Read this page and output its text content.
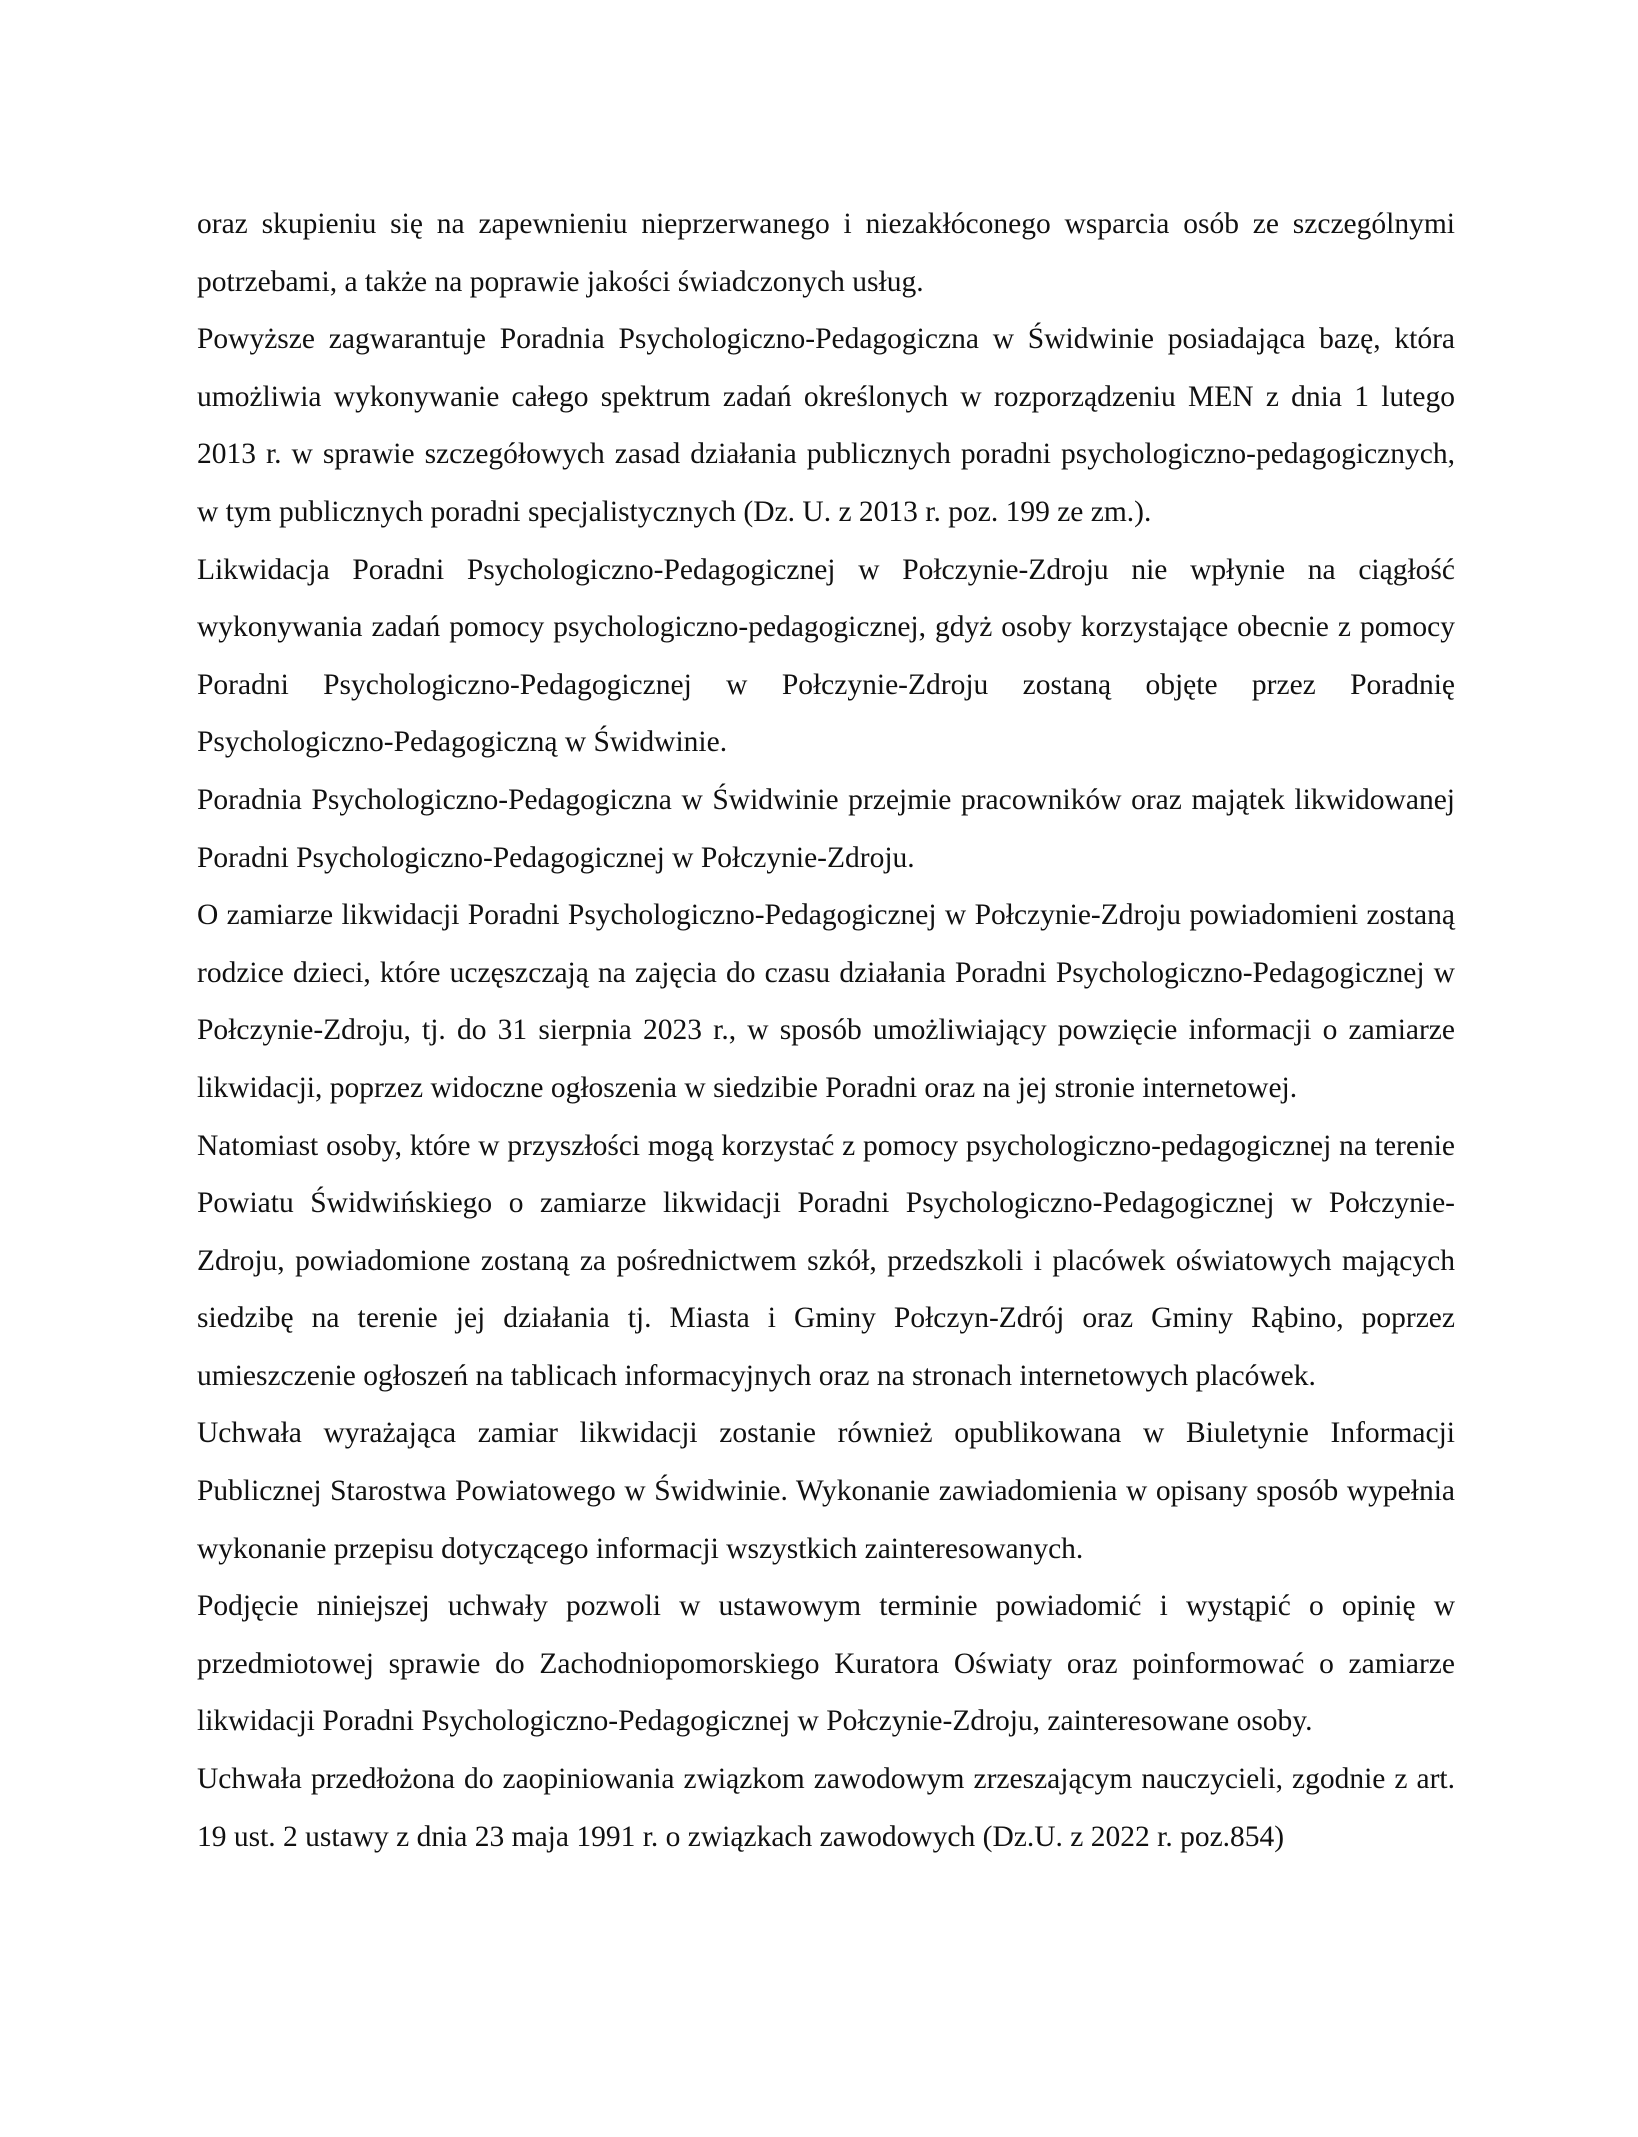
oraz skupieniu się na zapewnieniu nieprzerwanego i niezakłóconego wsparcia osób ze szczególnymi potrzebami, a także na poprawie jakości świadczonych usług.

Powyższe zagwarantuje Poradnia Psychologiczno-Pedagogiczna w Świdwinie posiadająca bazę, która umożliwia wykonywanie całego spektrum zadań określonych w rozporządzeniu MEN z dnia 1 lutego 2013 r. w sprawie szczegółowych zasad działania publicznych poradni psychologiczno-pedagogicznych, w tym publicznych poradni specjalistycznych (Dz. U. z 2013 r. poz. 199 ze zm.).

Likwidacja Poradni Psychologiczno-Pedagogicznej w Połczynie-Zdroju nie wpłynie na ciągłość wykonywania zadań pomocy psychologiczno-pedagogicznej, gdyż osoby korzystające obecnie z pomocy Poradni Psychologiczno-Pedagogicznej w Połczynie-Zdroju zostaną objęte przez Poradnię Psychologiczno-Pedagogiczną w Świdwinie.

Poradnia Psychologiczno-Pedagogiczna w Świdwinie przejmie pracowników oraz majątek likwidowanej Poradni Psychologiczno-Pedagogicznej w Połczynie-Zdroju.

O zamiarze likwidacji Poradni Psychologiczno-Pedagogicznej w Połczynie-Zdroju powiadomieni zostaną rodzice dzieci, które uczęszczają na zajęcia do czasu działania Poradni Psychologiczno-Pedagogicznej w Połczynie-Zdroju, tj. do 31 sierpnia 2023 r., w sposób umożliwiający powzięcie informacji o zamiarze likwidacji, poprzez widoczne ogłoszenia w siedzibie Poradni oraz na jej stronie internetowej.

Natomiast osoby, które w przyszłości mogą korzystać z pomocy psychologiczno-pedagogicznej na terenie Powiatu Świdwińskiego o zamiarze likwidacji Poradni Psychologiczno-Pedagogicznej w Połczynie-Zdroju, powiadomione zostaną za pośrednictwem szkół, przedszkoli i placówek oświatowych mających siedzibę na terenie jej działania tj. Miasta i Gminy Połczyn-Zdrój oraz Gminy Rąbino, poprzez umieszczenie ogłoszeń na tablicach informacyjnych oraz na stronach internetowych placówek.

Uchwała wyrażająca zamiar likwidacji zostanie również opublikowana w Biuletynie Informacji Publicznej Starostwa Powiatowego w Świdwinie. Wykonanie zawiadomienia w opisany sposób wypełnia wykonanie przepisu dotyczącego informacji wszystkich zainteresowanych.

Podjęcie niniejszej uchwały pozwoli w ustawowym terminie powiadomić i wystąpić o opinię w przedmiotowej sprawie do Zachodniopomorskiego Kuratora Oświaty oraz poinformować o zamiarze likwidacji Poradni Psychologiczno-Pedagogicznej w Połczynie-Zdroju, zainteresowane osoby.

Uchwała przedłożona do zaopiniowania związkom zawodowym zrzeszającym nauczycieli, zgodnie z art. 19 ust. 2 ustawy z dnia 23 maja 1991 r. o związkach zawodowych (Dz.U. z 2022 r. poz.854)
